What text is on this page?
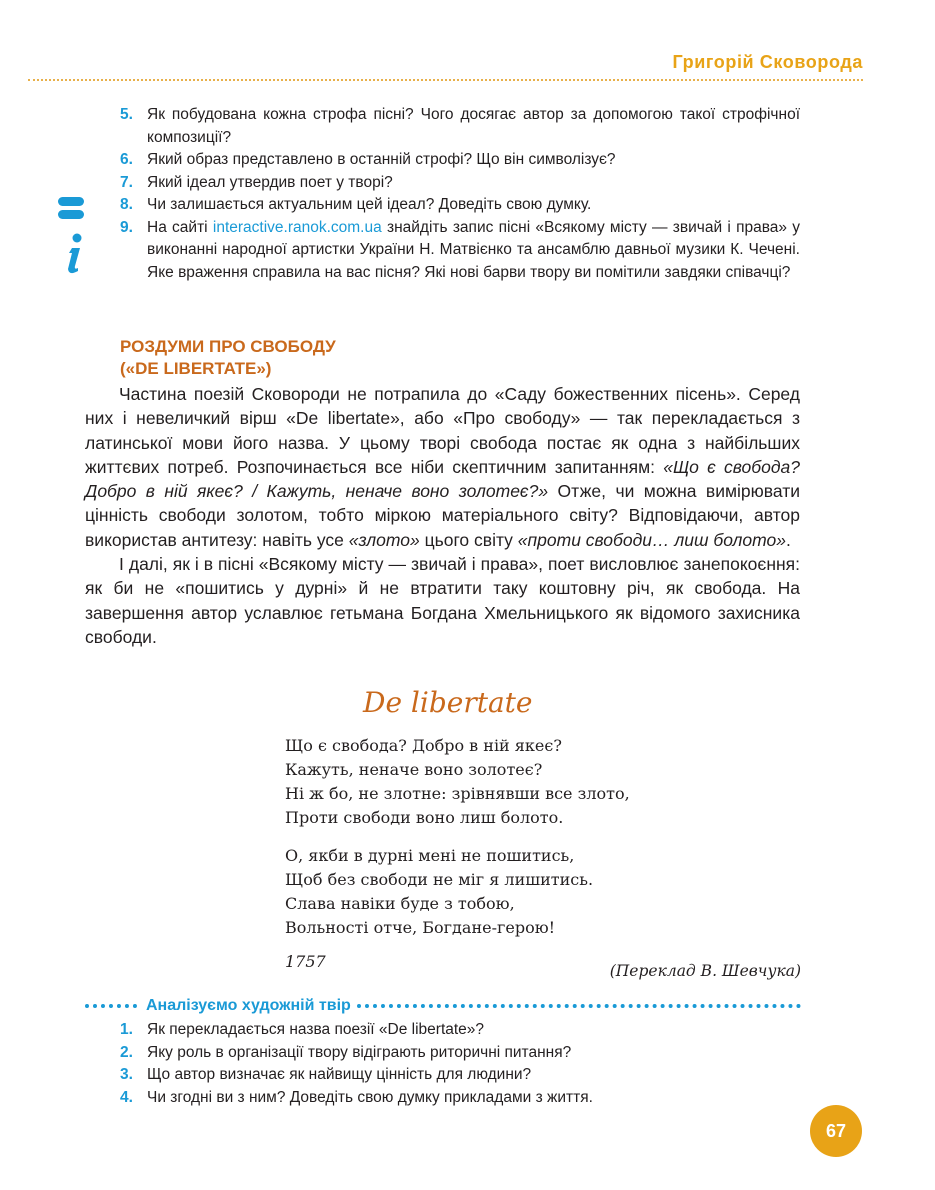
Григорій Сковорода
5. Як побудована кожна строфа пісні? Чого досягає автор за допомогою такої строфічної композиції?
6. Який образ представлено в останній строфі? Що він символізує?
7. Який ідеал утвердив поет у творі?
8. Чи залишається актуальним цей ідеал? Доведіть свою думку.
9. На сайті interactive.ranok.com.ua знайдіть запис пісні «Всякому місту — звичай і права» у виконанні народної артистки України Н. Матвієнко та ансамблю давньої музики К. Чечені. Яке враження справила на вас пісня? Які нові барви твору ви помітили завдяки співачці?
РОЗДУМИ ПРО СВОБОДУ
(«DE LIBERTATE»)

Частина поезій Сковороди не потрапила до «Саду божественних пісень». Серед них і невеличкий вірш «De libertate», або «Про свободу» — так перекладається з латинської мови його назва. У цьому творі свобода постає як одна з найбільших життєвих потреб. Розпочинається все ніби скептичним запитанням: «Що є свобода? Добро в ній якеє? / Кажуть, неначе воно золотеє?» Отже, чи можна вимірювати цінність свободи золотом, тобто міркою матеріального світу? Відповідаючи, автор використав антитезу: навіть усе «злото» цього світу «проти свободи… лиш болото».

І далі, як і в пісні «Всякому місту — звичай і права», поет висловлює занепокоєння: як би не «пошитись у дурні» й не втратити таку коштовну річ, як свобода. На завершення автор уславлює гетьмана Богдана Хмельницького як відомого захисника свободи.

De libertate
Що є свобода? Добро в ній якеє?
Кажуть, неначе воно золотеє?
Ні ж бо, не злотне: зрівнявши все злото,
Проти свободи воно лиш болото.
О, якби в дурні мені не пошитись,
Щоб без свободи не міг я лишитись.
Слава навіки буде з тобою,
Вольності отче, Богдане-герою!
1757	(Переклад В. Шевчука)
Аналізуємо художній твір
1. Як перекладається назва поезії «De libertate»?
2. Яку роль в організації твору відіграють риторичні питання?
3. Що автор визначає як найвищу цінність для людини?
4. Чи згодні ви з ним? Доведіть свою думку прикладами з життя.
67
